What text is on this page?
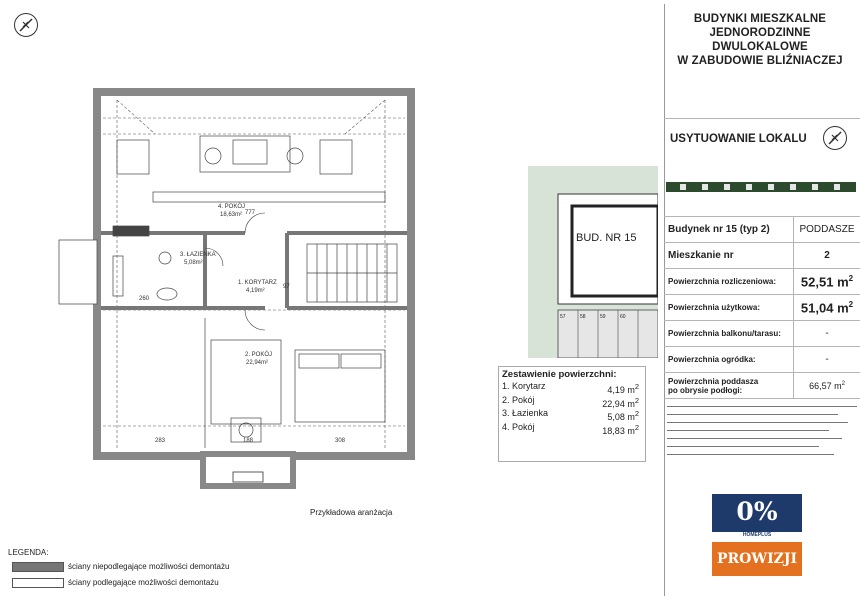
777
283	188	308
260
97
4. POKÓJ
18,63m²
3. ŁAZIENKA
5,08m²
1. KORYTARZ
4,19m²
2. POKÓJ
22,94m²
Przykładowa aranżacja
BUD. NR 15
57	58	59	60
Zestawienie powierzchni:
1. Korytarz	4,19 $m^2$
2. Pokój	22,94 $m^2$
3. Łazienka	5,08 $m^2$
4. Pokój	18,83 $m^2$
LEGENDA:
ściany niepodlegające możliwości demontażu
ściany podlegające możliwości demontażu
BUDYNKI MIESZKALNE
JEDNORODZINNE
DWULOKALOWE
W ZABUDOWIE BLIŹNIACZEJ
USYTUOWANIE LOKALU
Budynek nr 15 (typ 2)	PODDASZE
Mieszkanie nr	2
Powierzchnia rozliczeniowa:	52,51 $m^2$
Powierzchnia użytkowa:	51,04 $m^2$
Powierzchnia balkonu/tarasu:	-
Powierzchnia ogródka:	-

Powierzchnia poddasza
po obrysie podłogi:	66,57 $m^2$
0%
HOMEPLUS
PROWIZJI
